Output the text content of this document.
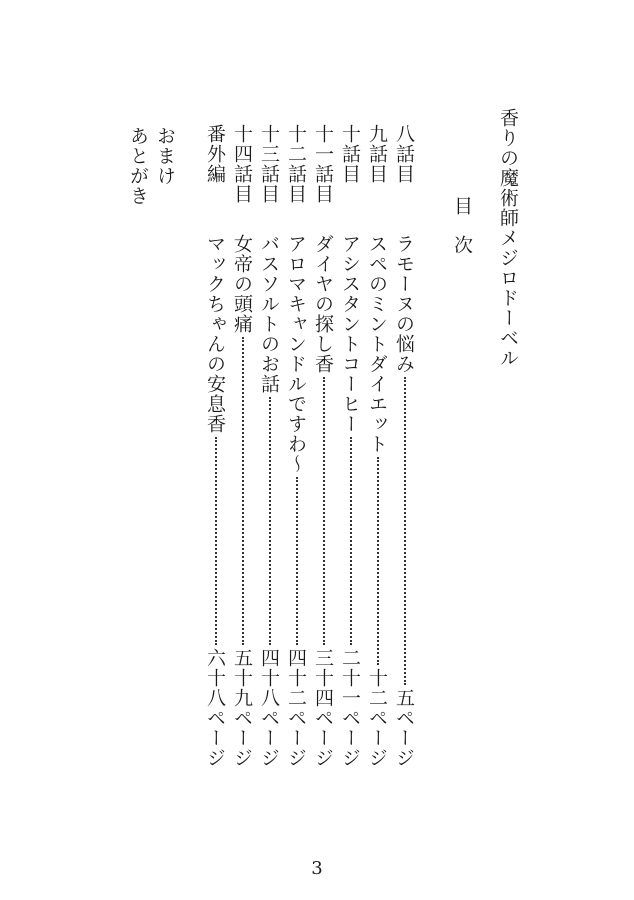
香りの魔術師メジロドーベル
目次
八話目
ラモーヌの悩み
五ページ
九話目
スペのミントダイエット
十二ページ
十話目
アシスタントコーヒー
二十一ページ
十一話目
ダイヤの探し香
三十四ページ
十二話目
アロマキャンドルですわ〜
四十二ページ
十三話目
バスソルトのお話
四十八ページ
十四話目
女帝の頭痛
五十九ページ
番外編
マックちゃんの安息香
六十八ページ
おまけ
あとがき
3
